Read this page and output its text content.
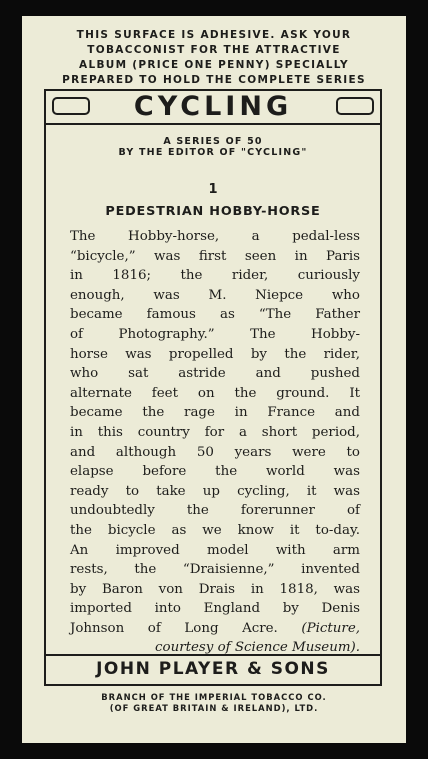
THIS SURFACE IS ADHESIVE. ASK YOUR
TOBACCONIST FOR THE ATTRACTIVE
ALBUM (PRICE ONE PENNY) SPECIALLY
PREPARED TO HOLD THE COMPLETE SERIES
CYCLING
A SERIES OF 50
BY THE EDITOR OF "CYCLING"
1
PEDESTRIAN HOBBY-HORSE
The Hobby-horse, a pedal-less
“bicycle,” was first seen in Paris
in 1816; the rider, curiously
enough, was M. Niepce who
became famous as “The Father
of Photography.” The Hobby-
horse was propelled by the rider,
who sat astride and pushed
alternate feet on the ground. It
became the rage in France and
in this country for a short period,
and although 50 years were to
elapse before the world was
ready to take up cycling, it was
undoubtedly the forerunner of
the bicycle as we know it to-day.
An improved model with arm
rests, the “Draisienne,” invented
by Baron von Drais in 1818, was
imported into England by Denis
Johnson of Long Acre. (Picture,
courtesy of Science Museum).
JOHN PLAYER & SONS
BRANCH OF THE IMPERIAL TOBACCO CO.
(OF GREAT BRITAIN & IRELAND), LTD.
